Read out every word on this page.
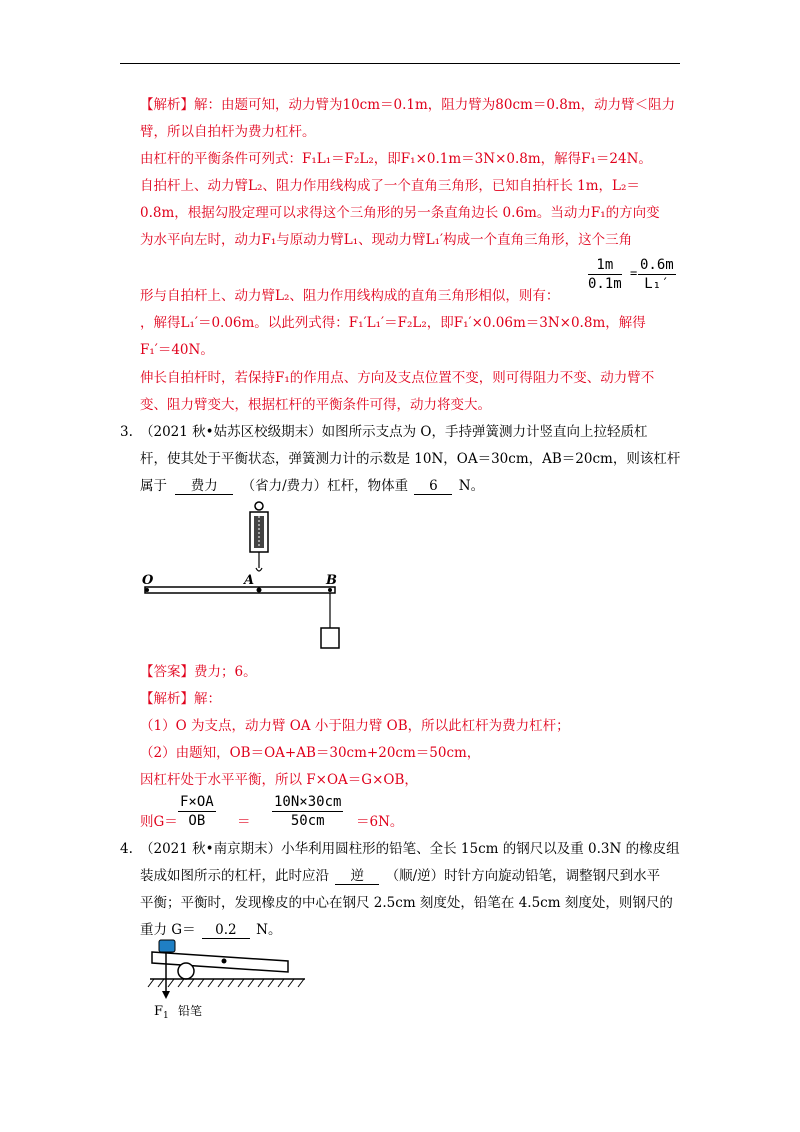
【解析】解：由题可知，动力臂为10cm＝0.1m，阻力臂为80cm＝0.8m，动力臂＜阻力
臂，所以自拍杆为费力杠杆。
由杠杆的平衡条件可列式：F₁L₁＝F₂L₂，即F₁×0.1m＝3N×0.8m，解得F₁＝24N。
自拍杆上、动力臂L₂、阻力作用线构成了一个直角三角形，已知自拍杆长 1m，L₂＝
0.8m，根据勾股定理可以求得这个三角形的另一条直角边长 0.6m。当动力F₁的方向变
为水平向左时，动力F₁与原动力臂L₁、现动力臂L₁′构成一个直角三角形，这个三角
形与自拍杆上、动力臂L₂、阻力作用线构成的直角三角形相似，则有：
$\frac{1m}{0.1m} = \frac{0.6m}{\text{L₁′}}$
，解得L₁′＝0.06m。以此列式得：F₁′L₁′＝F₂L₂，即F₁′×0.06m＝3N×0.8m，解得
F₁′＝40N。
伸长自拍杆时，若保持F₁的作用点、方向及支点位置不变，则可得阻力不变、动力臂不
变、阻力臂变大，根据杠杆的平衡条件可得，动力将变大。
3. （2021 秋•姑苏区校级期末）如图所示支点为 O，手持弹簧测力计竖直向上拉轻质杠
杆，使其处于平衡状态，弹簧测力计的示数是 10N，OA＝30cm，AB＝20cm，则该杠杆
属于 费力 （省力/费力）杠杆，物体重 6 N。
O	A	B
【答案】费力；6。
【解析】解：
（1）O 为支点，动力臂 OA 小于阻力臂 OB，所以此杠杆为费力杠杆；
（2）由题知，OB＝OA+AB＝30cm+20cm＝50cm，
因杠杆处于水平平衡，所以 F×OA＝G×OB，
则$G= \frac{F\times OA}{OB} = \frac{10N\times 30cm}{50cm} =6N$。
4. （2021 秋•南京期末）小华利用圆柱形的铅笔、全长 15cm 的钢尺以及重 0.3N 的橡皮组
装成如图所示的杠杆，此时应沿 逆 （顺/逆）时针方向旋动铅笔，调整钢尺到水平
平衡；平衡时，发现橡皮的中心在钢尺 2.5cm 刻度处，铅笔在 4.5cm 刻度处，则钢尺的
重力 G＝ 0.2 N。
$F_1$ 铅笔
